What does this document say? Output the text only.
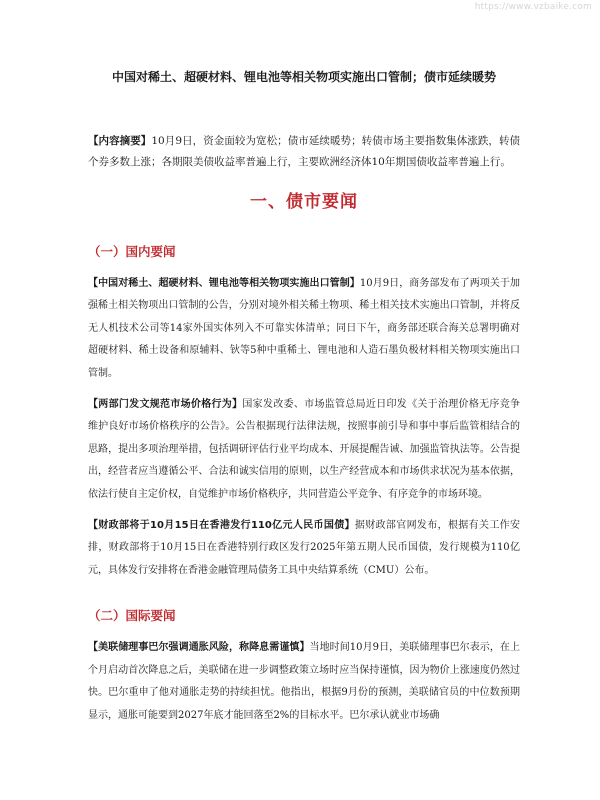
https://www.vzbaike.com
中国对稀土、超硬材料、锂电池等相关物项实施出口管制；债市延续暖势
【内容摘要】10月9日，资金面较为宽松；债市延续暖势；转债市场主要指数集体涨跌，转债个券多数上涨；各期限美债收益率普遍上行，主要欧洲经济体10年期国债收益率普遍上行。
一、债市要闻
（一）国内要闻
【中国对稀土、超硬材料、锂电池等相关物项实施出口管制】10月9日，商务部发布了两项关于加强稀土相关物项出口管制的公告，分别对境外相关稀土物项、稀土相关技术实施出口管制，并将反无人机技术公司等14家外国实体列入不可靠实体清单；同日下午，商务部还联合海关总署明确对超硬材料、稀土设备和原辅料、钬等5种中重稀土、锂电池和人造石墨负极材料相关物项实施出口管制。
【两部门发文规范市场价格行为】国家发改委、市场监管总局近日印发《关于治理价格无序竞争 维护良好市场价格秩序的公告》。公告根据现行法律法规，按照事前引导和事中事后监管相结合的思路，提出多项治理举措，包括调研评估行业平均成本、开展提醒告诫、加强监管执法等。公告提出，经营者应当遵循公平、合法和诚实信用的原则，以生产经营成本和市场供求状况为基本依据，依法行使自主定价权，自觉维护市场价格秩序，共同营造公平竞争、有序竞争的市场环境。
【财政部将于10月15日在香港发行110亿元人民币国债】据财政部官网发布，根据有关工作安排，财政部将于10月15日在香港特别行政区发行2025年第五期人民币国债，发行规模为110亿元，具体发行安排将在香港金融管理局债务工具中央结算系统（CMU）公布。
（二）国际要闻
【美联储理事巴尔强调通胀风险，称降息需谨慎】当地时间10月9日，美联储理事巴尔表示，在上个月启动首次降息之后，美联储在进一步调整政策立场时应当保持谨慎，因为物价上涨速度仍然过快。巴尔重申了他对通胀走势的持续担忧。他指出，根据9月份的预测，美联储官员的中位数预期显示，通胀可能要到2027年底才能回落至2%的目标水平。巴尔承认就业市场确
